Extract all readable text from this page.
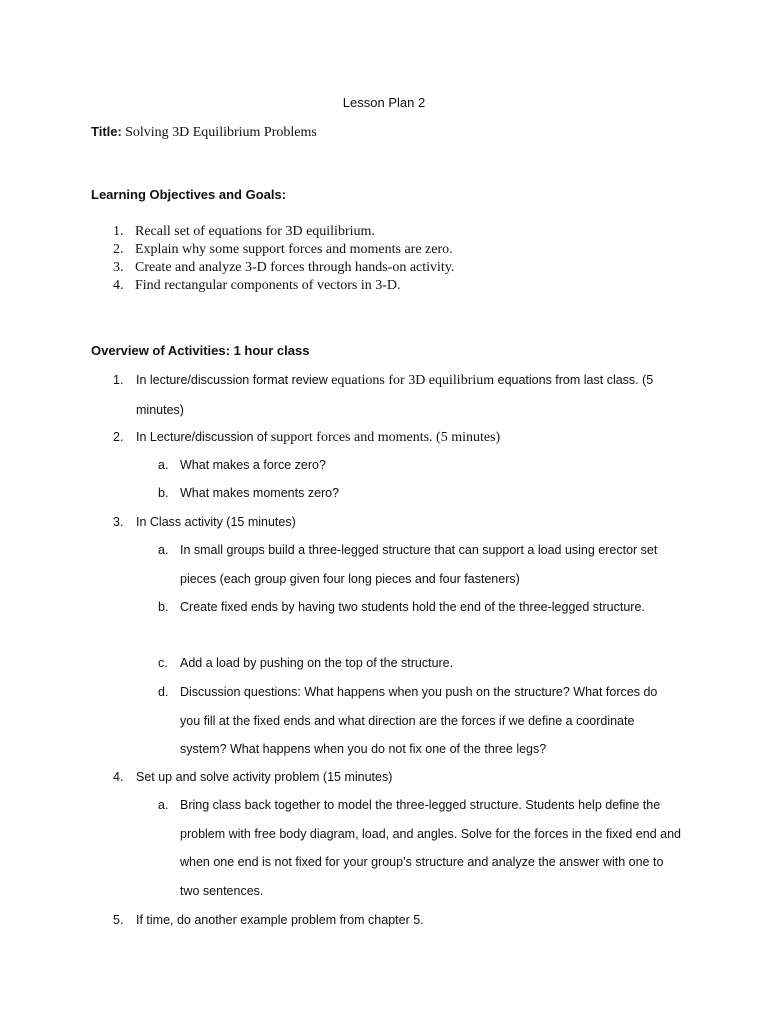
Lesson Plan 2
Title: Solving 3D Equilibrium Problems
Learning Objectives and Goals:
1. Recall set of equations for 3D equilibrium.
2. Explain why some support forces and moments are zero.
3. Create and analyze 3-D forces through hands-on activity.
4. Find rectangular components of vectors in 3-D.
Overview of Activities: 1 hour class
1. In lecture/discussion format review equations for 3D equilibrium equations from last class. (5 minutes)
2. In Lecture/discussion of support forces and moments. (5 minutes)
a. What makes a force zero?
b. What makes moments zero?
3. In Class activity (15 minutes)
a. In small groups build a three-legged structure that can support a load using erector set pieces (each group given four long pieces and four fasteners)
b. Create fixed ends by having two students hold the end of the three-legged structure.
c. Add a load by pushing on the top of the structure.
d. Discussion questions: What happens when you push on the structure? What forces do you fill at the fixed ends and what direction are the forces if we define a coordinate system? What happens when you do not fix one of the three legs?
4. Set up and solve activity problem (15 minutes)
a. Bring class back together to model the three-legged structure. Students help define the problem with free body diagram, load, and angles. Solve for the forces in the fixed end and when one end is not fixed for your group’s structure and analyze the answer with one to two sentences.
5. If time, do another example problem from chapter 5.
